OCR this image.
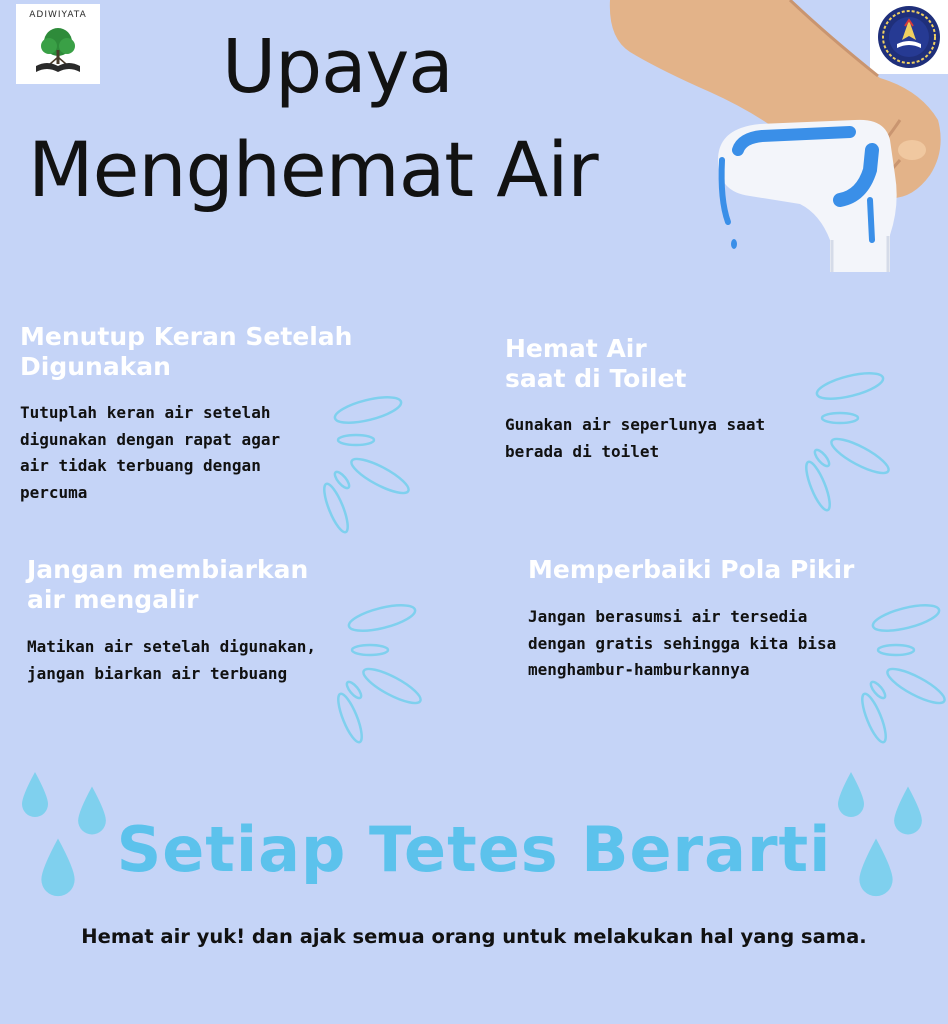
ADIWIYATA
Upaya
Menghemat Air
Menutup Keran Setelah
Digunakan

Tutuplah keran air setelah
digunakan dengan rapat agar
air tidak terbuang dengan
percuma

Hemat Air
saat di Toilet

Gunakan air seperlunya saat
berada di toilet

Jangan membiarkan
air mengalir

Matikan air setelah digunakan,
jangan biarkan air terbuang

Memperbaiki Pola Pikir

Jangan berasumsi air tersedia
dengan gratis sehingga kita bisa
menghambur-hamburkannya

Setiap Tetes Berarti

Hemat air yuk! dan ajak semua orang untuk melakukan hal yang sama.
